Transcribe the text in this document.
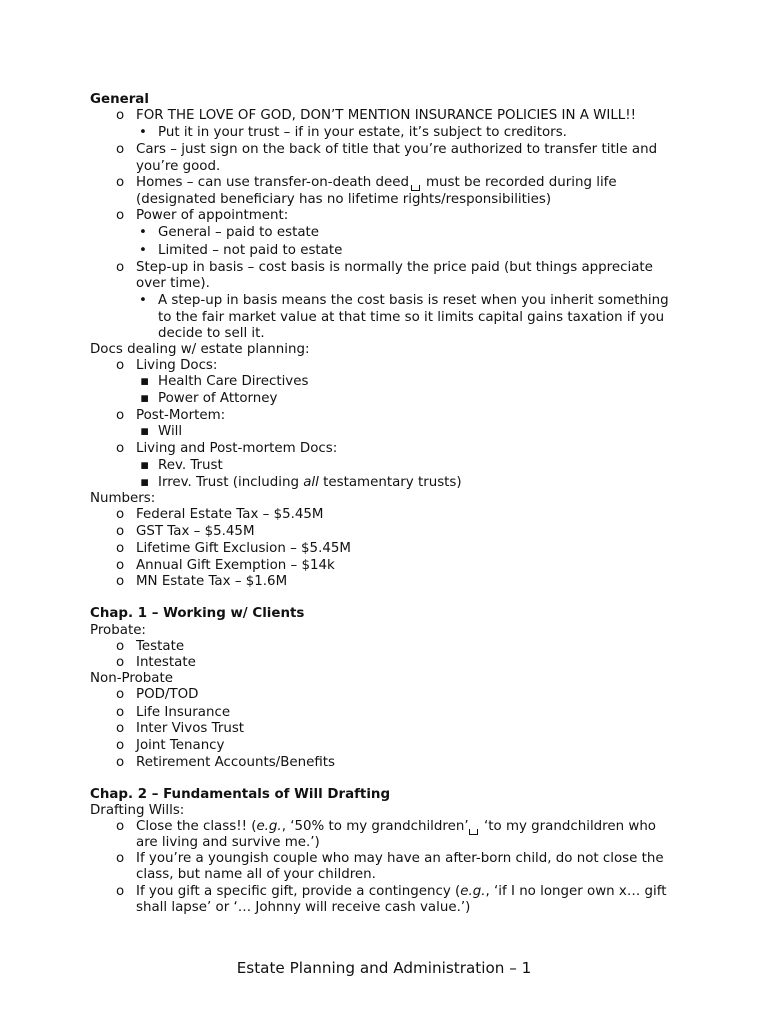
General
o FOR THE LOVE OF GOD, DON’T MENTION INSURANCE POLICIES IN A WILL!!
• Put it in your trust – if in your estate, it’s subject to creditors.
o Cars – just sign on the back of title that you’re authorized to transfer title and
you’re good.
o Homes – can use transfer-on-death deed must be recorded during life
(designated beneficiary has no lifetime rights/responsibilities)
o Power of appointment:
• General – paid to estate
• Limited – not paid to estate
o Step-up in basis – cost basis is normally the price paid (but things appreciate
over time).
• A step-up in basis means the cost basis is reset when you inherit something
to the fair market value at that time so it limits capital gains taxation if you
decide to sell it.
Docs dealing w/ estate planning:
o Living Docs:
▪ Health Care Directives
▪ Power of Attorney
o Post-Mortem:
▪ Will
o Living and Post-mortem Docs:
▪ Rev. Trust
▪ Irrev. Trust (including all testamentary trusts)
Numbers:
o Federal Estate Tax – $5.45M
o GST Tax – $5.45M
o Lifetime Gift Exclusion – $5.45M
o Annual Gift Exemption – $14k
o MN Estate Tax – $1.6M
Chap. 1 – Working w/ Clients
Probate:
o Testate
o Intestate
Non-Probate
o POD/TOD
o Life Insurance
o Inter Vivos Trust
o Joint Tenancy
o Retirement Accounts/Benefits
Chap. 2 – Fundamentals of Will Drafting
Drafting Wills:
o Close the class!! (e.g., ‘50% to my grandchildren’ ‘to my grandchildren who
are living and survive me.’)
o If you’re a youngish couple who may have an after-born child, do not close the
class, but name all of your children.
o If you gift a specific gift, provide a contingency (e.g., ‘if I no longer own x… gift
shall lapse’ or ‘… Johnny will receive cash value.’)
Estate Planning and Administration – 1
